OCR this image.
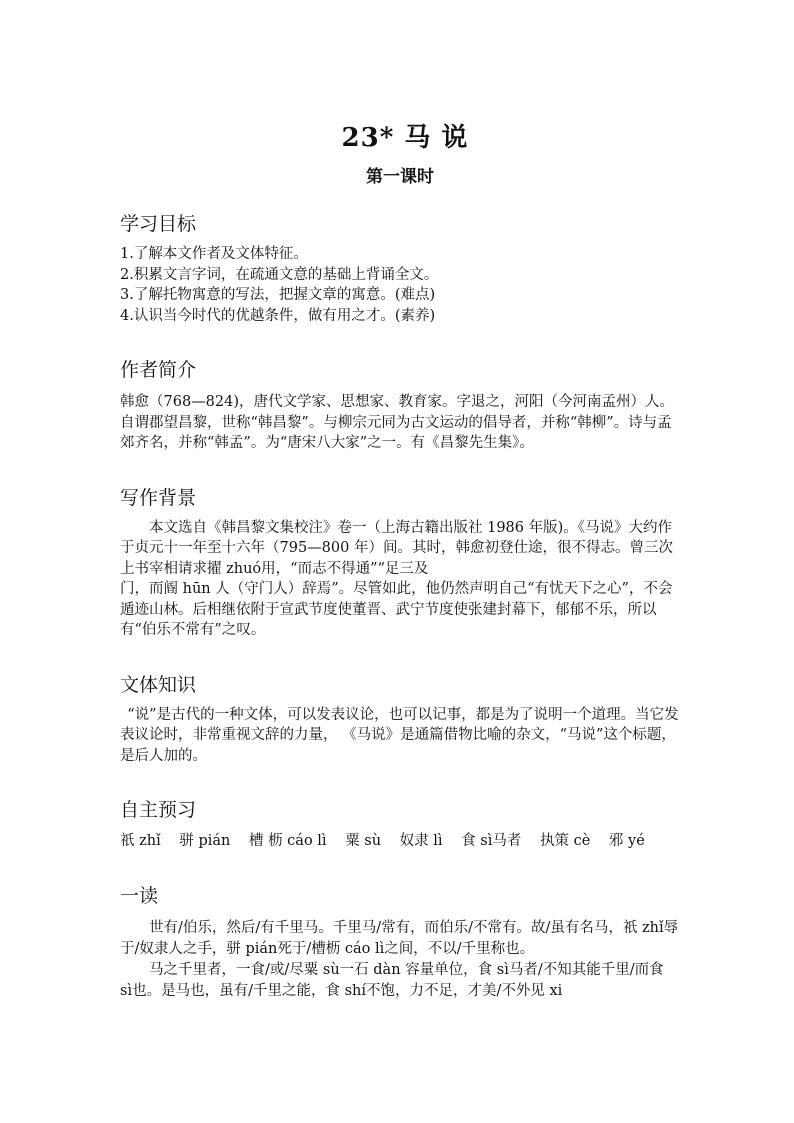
23* 马 说

第一课时

学习目标

1.了解本文作者及文体特征。

2.积累文言字词，在疏通文意的基础上背诵全文。

3.了解托物寓意的写法，把握文章的寓意。(难点)

4.认识当今时代的优越条件，做有用之才。(素养)

作者简介

韩愈（768—824)，唐代文学家、思想家、教育家。字退之，河阳（今河南孟州）人。自谓郡望昌黎，世称“韩昌黎”。与柳宗元同为古文运动的倡导者，并称“韩柳”。诗与孟郊齐名，并称“韩孟”。为“唐宋八大家”之一。有《昌黎先生集》。

写作背景

本文选自《韩昌黎文集校注》卷一（上海古籍出版社 1986 年版)。《马说》大约作于贞元十一年至十六年（795—800 年）间。其时，韩愈初登仕途，很不得志。曾三次上书宰相请求擢 zhuó用，“而志不得通”“足三及

门，而阍 hūn 人（守门人）辞焉”。尽管如此，他仍然声明自己“有忧天下之心”，不会遁迹山林。后相继依附于宣武节度使董晋、武宁节度使张建封幕下，郁郁不乐，所以有“伯乐不常有”之叹。

文体知识

“说”是古代的一种文体，可以发表议论，也可以记事，都是为了说明一个道理。当它发表议论时，非常重视文辞的力量， 《马说》是通篇借物比喻的杂文，“马说”这个标题，是后人加的。

自主预习

祇 zhǐ 骈 pián 槽 枥 cáo lì 粟 sù 奴隶 lì 食 sì马者 执策 cè 邪 yé

一读

世有/伯乐，然后/有千里马。千里马/常有，而伯乐/不常有。故/虽有名马，祇 zhǐ辱于/奴隶人之手，骈 pián死于/槽枥 cáo lì之间，不以/千里称也。

马之千里者，一食/或/尽粟 sù一石 dàn 容量单位，食 sì马者/不知其能千里/而食 sì也。是马也，虽有/千里之能，食 shí不饱，力不足，才美/不外见 xi
